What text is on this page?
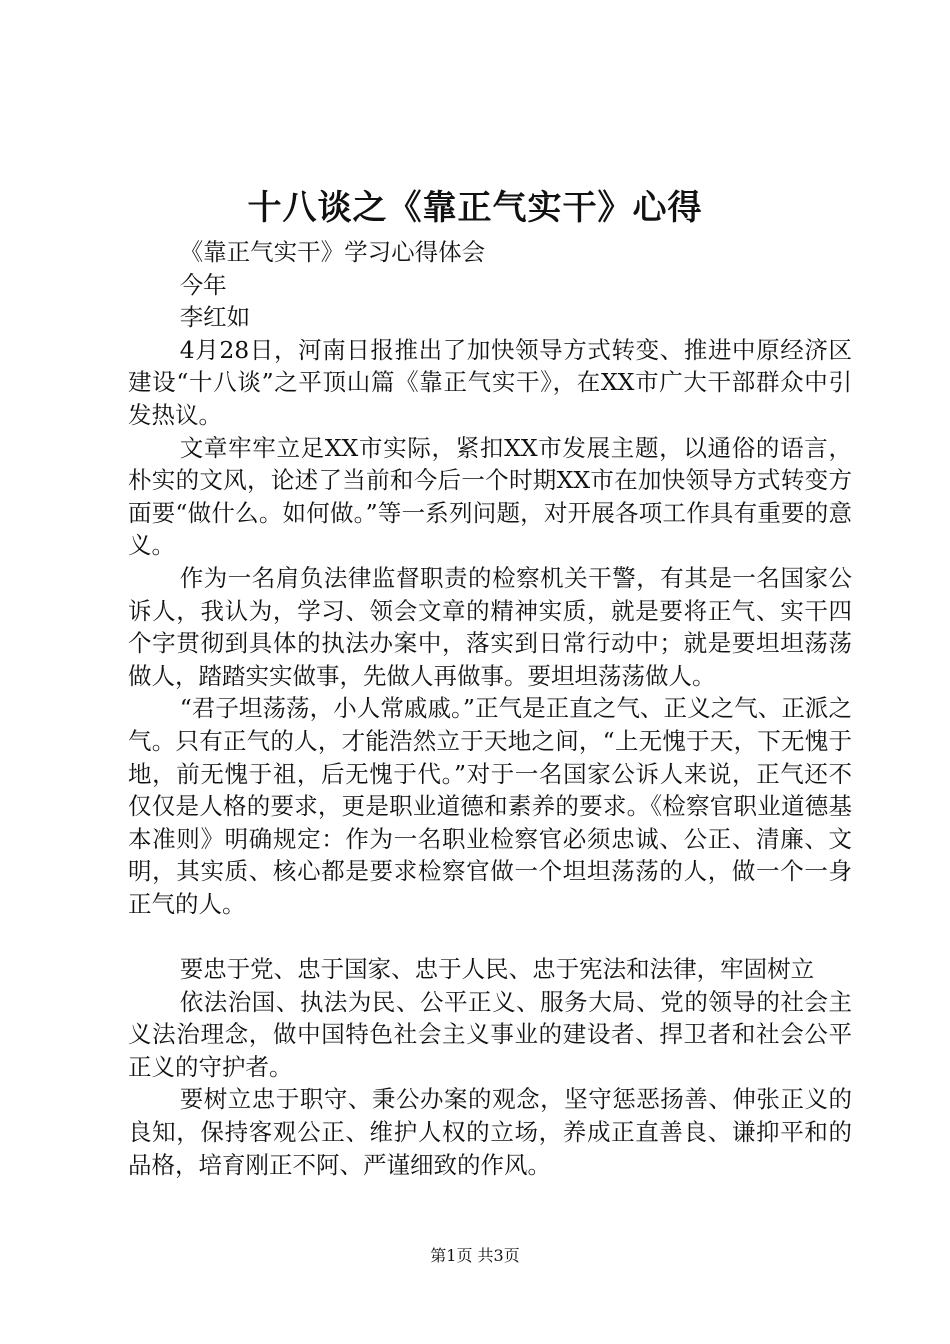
十八谈之《靠正气实干》心得

《靠正气实干》学习心得体会

今年

李红如

4月28日，河南日报推出了加快领导方式转变、推进中原经济区建设“十八谈”之平顶山篇《靠正气实干》，在XX市广大干部群众中引发热议。

文章牢牢立足XX市实际，紧扣XX市发展主题，以通俗的语言，朴实的文风，论述了当前和今后一个时期XX市在加快领导方式转变方面要“做什么。如何做。”等一系列问题，对开展各项工作具有重要的意义。

作为一名肩负法律监督职责的检察机关干警，有其是一名国家公诉人，我认为，学习、领会文章的精神实质，就是要将正气、实干四个字贯彻到具体的执法办案中，落实到日常行动中；就是要坦坦荡荡做人，踏踏实实做事，先做人再做事。要坦坦荡荡做人。

“君子坦荡荡，小人常戚戚。”正气是正直之气、正义之气、正派之气。只有正气的人，才能浩然立于天地之间，“上无愧于天，下无愧于地，前无愧于祖，后无愧于代。”对于一名国家公诉人来说，正气还不仅仅是人格的要求，更是职业道德和素养的要求。《检察官职业道德基本准则》明确规定：作为一名职业检察官必须忠诚、公正、清廉、文明，其实质、核心都是要求检察官做一个坦坦荡荡的人，做一个一身正气的人。

要忠于党、忠于国家、忠于人民、忠于宪法和法律，牢固树立

依法治国、执法为民、公平正义、服务大局、党的领导的社会主义法治理念，做中国特色社会主义事业的建设者、捍卫者和社会公平正义的守护者。

要树立忠于职守、秉公办案的观念，坚守惩恶扬善、伸张正义的良知，保持客观公正、维护人权的立场，养成正直善良、谦抑平和的品格，培育刚正不阿、严谨细致的作风。

第1页 共3页
